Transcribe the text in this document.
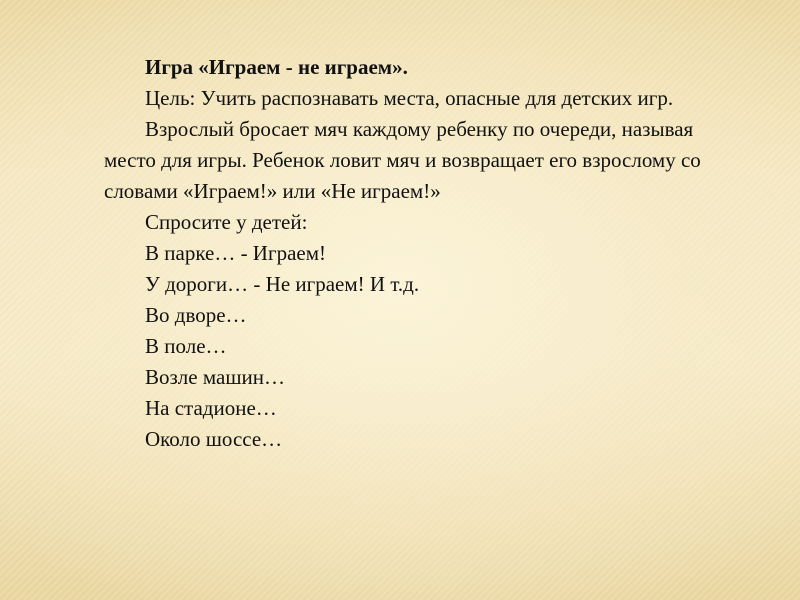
Игра «Играем - не играем».

Цель: Учить распознавать места, опасные для детских игр.

Взрослый бросает мяч каждому ребенку по очереди, называя место для игры. Ребенок ловит мяч и возвращает его взрослому со словами «Играем!» или «Не играем!»

Спросите у детей:

В парке… - Играем!

У дороги… - Не играем! И т.д.

Во дворе…

В поле…

Возле машин…

На стадионе…

Около шоссе…
